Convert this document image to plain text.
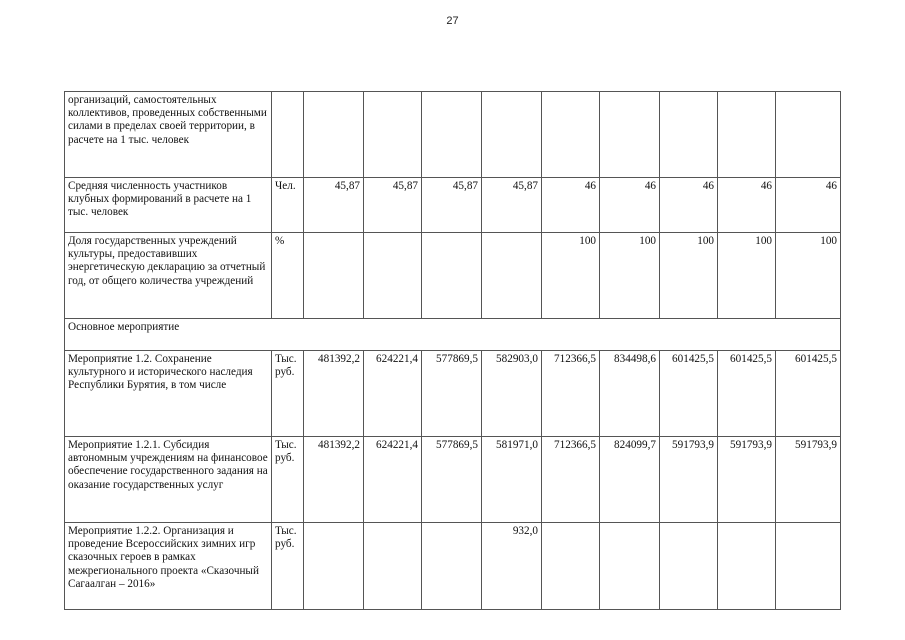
27
организаций, самостоятельных коллективов, проведенных собственными силами в пределах своей территории, в расчете на 1 тыс. человек										
Средняя численность участников клубных формирований в расчете на 1 тыс. человек	Чел.	45,87	45,87	45,87	45,87	46	46	46	46	46
Доля государственных учреждений культуры, предоставивших энергетическую декларацию за отчетный год, от общего количества учреждений	%					100	100	100	100	100
Основное мероприятие										
Мероприятие 1.2. Сохранение культурного и исторического наследия Республики Бурятия, в том числе	Тыс. руб.	481392,2	624221,4	577869,5	582903,0	712366,5	834498,6	601425,5	601425,5	601425,5
Мероприятие 1.2.1. Субсидия автономным учреждениям на финансовое обеспечение государственного задания на оказание государственных услуг	Тыс. руб.	481392,2	624221,4	577869,5	581971,0	712366,5	824099,7	591793,9	591793,9	591793,9
Мероприятие 1.2.2. Организация и проведение Всероссийских зимних игр сказочных героев в рамках межрегионального проекта «Сказочный Сагаалган – 2016»	Тыс. руб.				932,0					
